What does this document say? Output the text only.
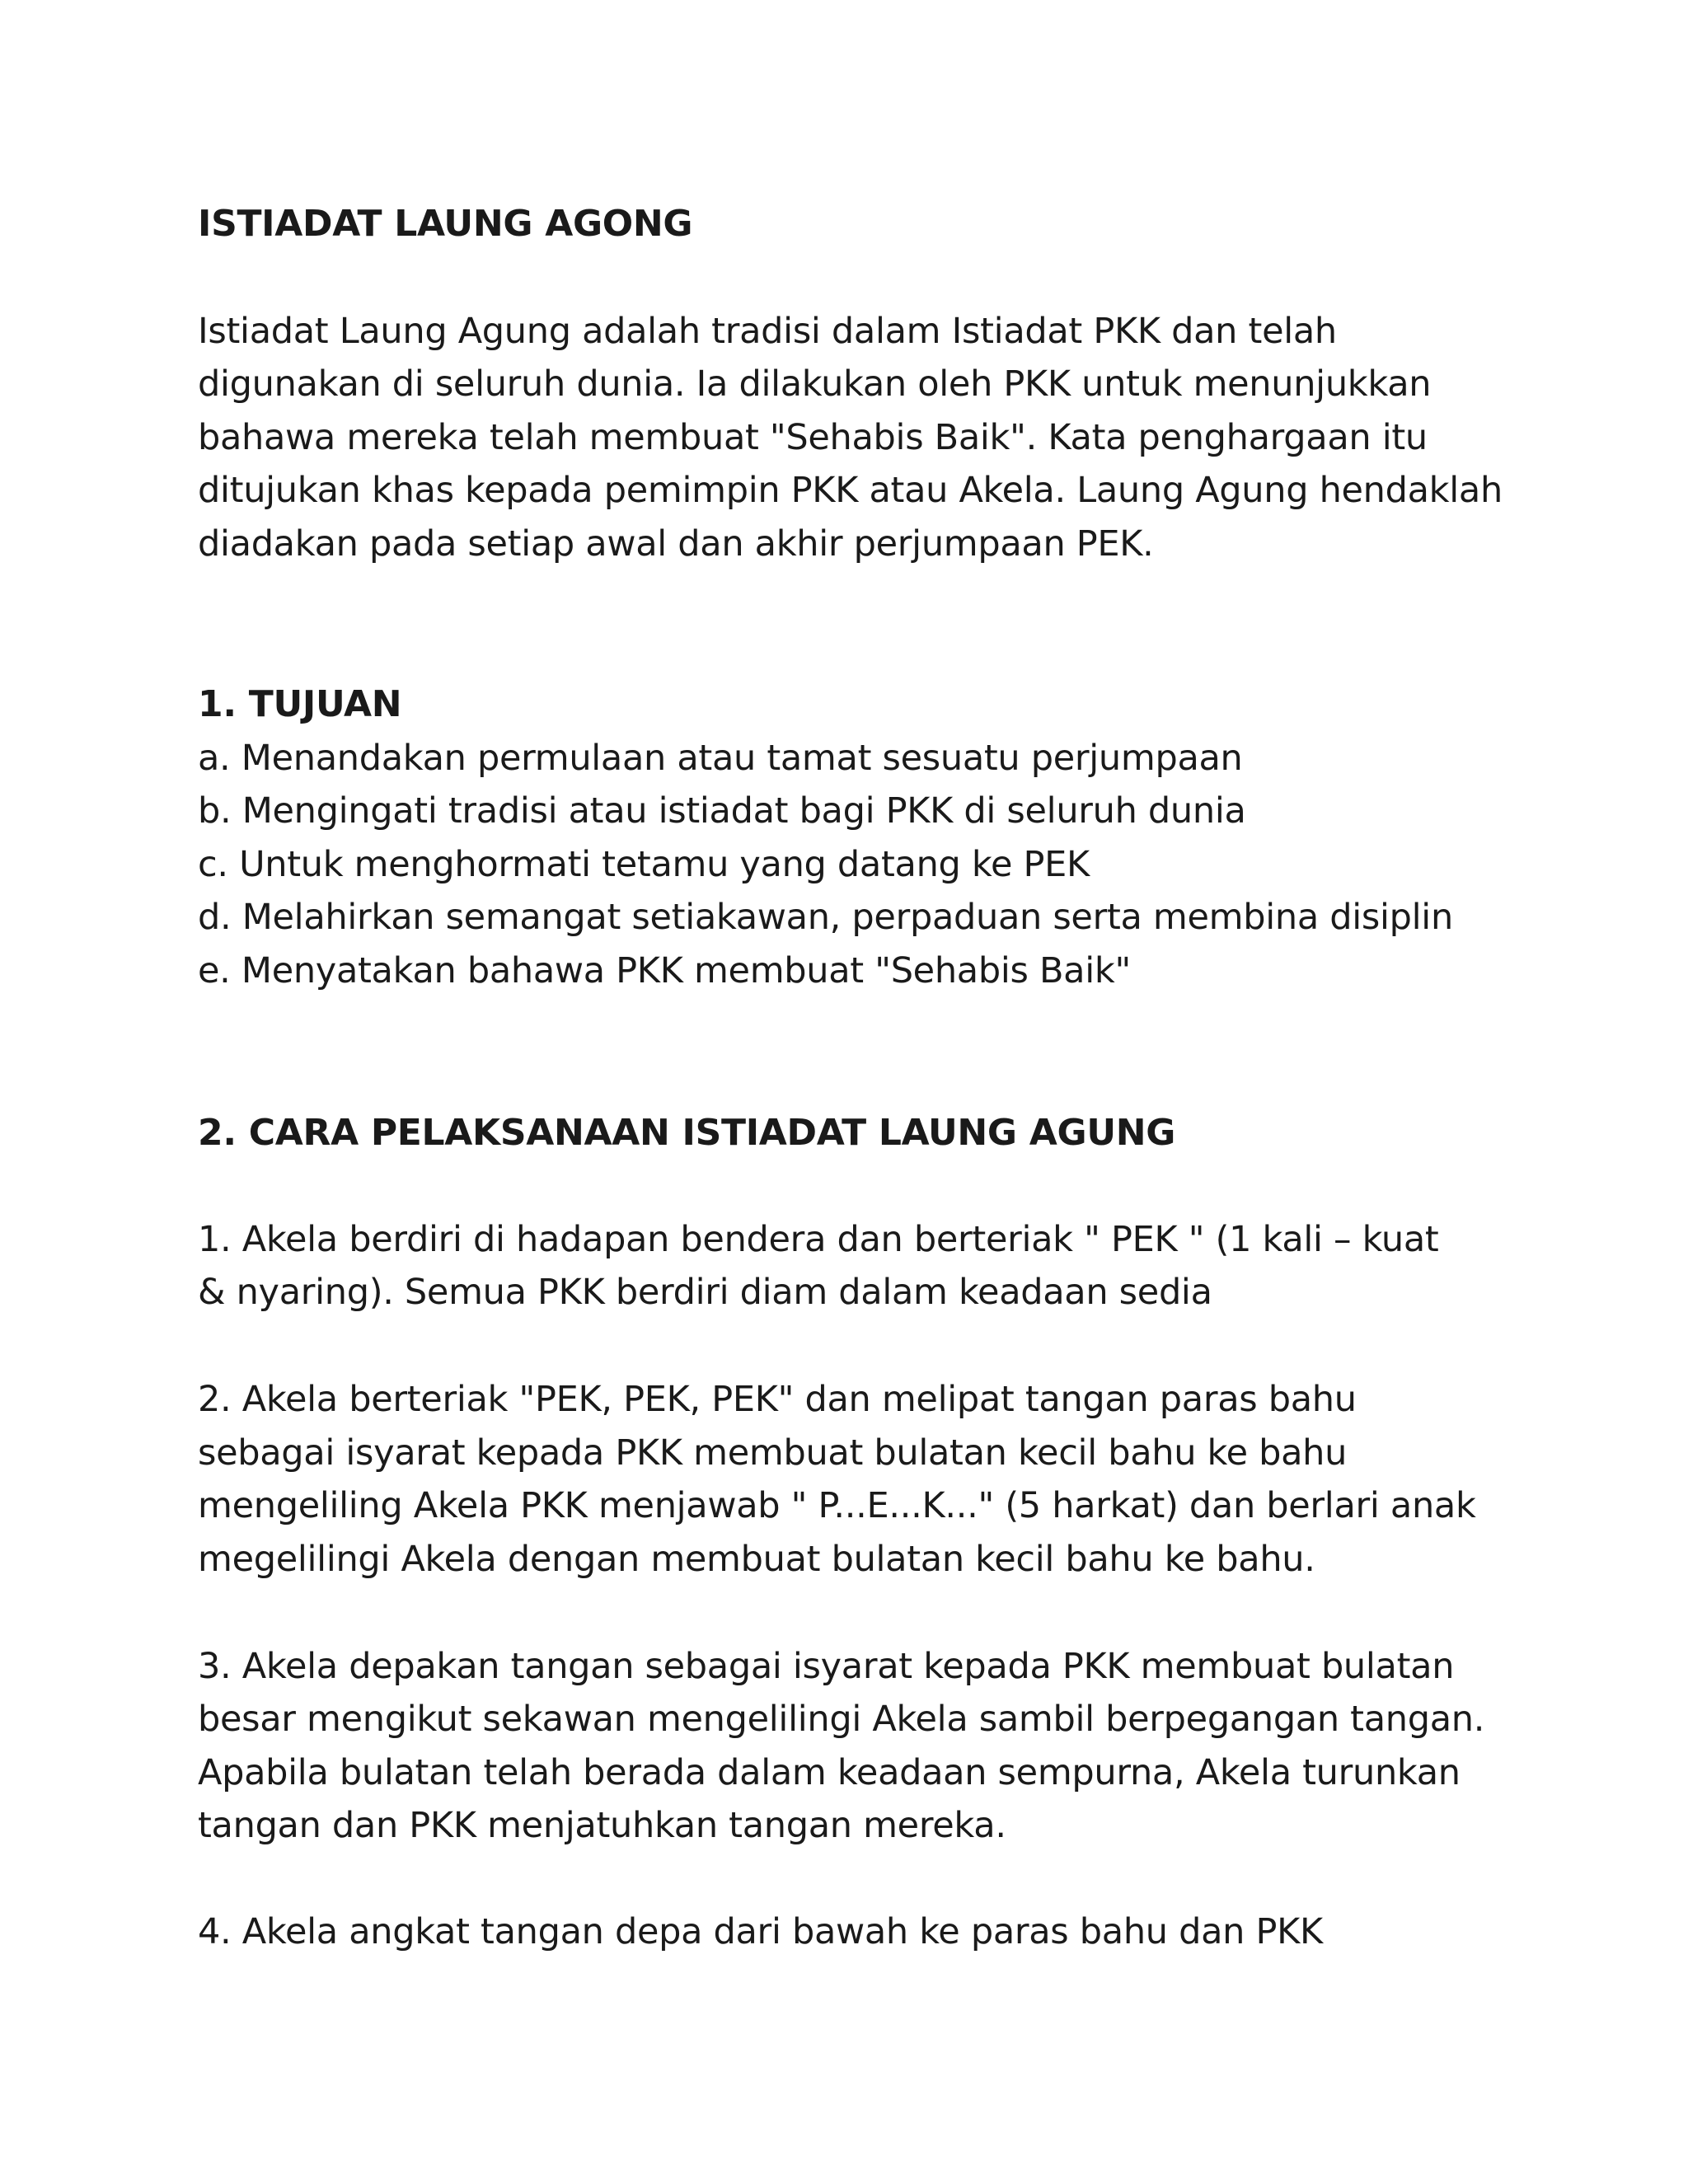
ISTIADAT LAUNG AGONG
Istiadat Laung Agung adalah tradisi dalam Istiadat PKK dan telah
digunakan di seluruh dunia. Ia dilakukan oleh PKK untuk menunjukkan
bahawa mereka telah membuat "Sehabis Baik". Kata penghargaan itu
ditujukan khas kepada pemimpin PKK atau Akela. Laung Agung hendaklah
diadakan pada setiap awal dan akhir perjumpaan PEK.
1. TUJUAN
a. Menandakan permulaan atau tamat sesuatu perjumpaan
b. Mengingati tradisi atau istiadat bagi PKK di seluruh dunia
c. Untuk menghormati tetamu yang datang ke PEK
d. Melahirkan semangat setiakawan, perpaduan serta membina disiplin
e. Menyatakan bahawa PKK membuat "Sehabis Baik"
2. CARA PELAKSANAAN ISTIADAT LAUNG AGUNG
1. Akela berdiri di hadapan bendera dan berteriak " PEK " (1 kali – kuat
& nyaring). Semua PKK berdiri diam dalam keadaan sedia
2. Akela berteriak "PEK, PEK, PEK" dan melipat tangan paras bahu
sebagai isyarat kepada PKK membuat bulatan kecil bahu ke bahu
mengeliling Akela PKK menjawab " P...E...K..." (5 harkat) dan berlari anak
megelilingi Akela dengan membuat bulatan kecil bahu ke bahu.
3. Akela depakan tangan sebagai isyarat kepada PKK membuat bulatan
besar mengikut sekawan mengelilingi Akela sambil berpegangan tangan.
Apabila bulatan telah berada dalam keadaan sempurna, Akela turunkan
tangan dan PKK menjatuhkan tangan mereka.
4. Akela angkat tangan depa dari bawah ke paras bahu dan PKK
